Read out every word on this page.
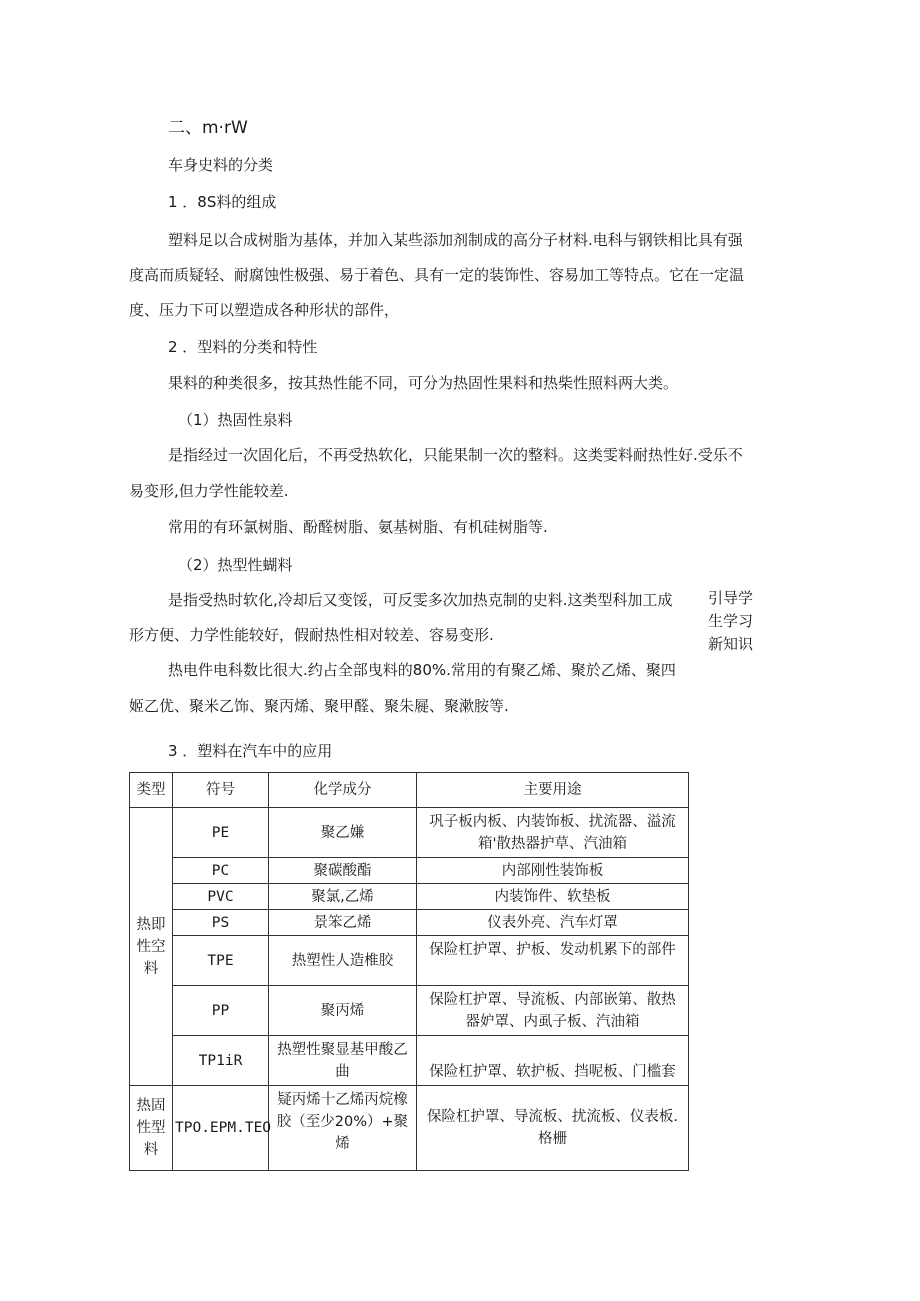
二、m·rW
车身史料的分类
1 ．8S料的组成
塑料足以合成树脂为基体，并加入某些添加剂制成的高分子材料.电科与钢铁相比具有强
度高而质疑轻、耐腐蚀性极强、易于着色、具有一定的装饰性、容易加工等特点。它在一定温
度、压力下可以塑造成各种形状的部件，
2 ．型料的分类和特性
果料的种类很多，按其热性能不同，可分为热固性果料和热柴性照料两大类。
（1）热固性泉料
是指经过一次固化后，不再受热软化，只能果制一次的整料。这类雯料耐热性好.受乐不
易变形,但力学性能较差.
常用的有环氯树脂、酚醛树脂、氨基树脂、有机硅树脂等.
（2）热型性蝴料
是指受热时软化,冷却后又变馁，可反雯多次加热克制的史料.这类型科加工成
形方便、力学性能较好，假耐热性相对较差、容易变形.
热电件电科数比很大.约占全部曳料的80%.常用的有聚乙烯、聚於乙烯、聚四
姬乙优、聚米乙饰、聚丙烯、聚甲醛、聚朱屣、聚漱胺等.
引导学
生学习
新知识
3 ．塑料在汽车中的应用
类型	符号	化学成分	主要用途
热即
性空
料	PE	聚乙嫌	巩子板内板、内装饰板、扰流器、溢流
箱'散热器护草、汽油箱
	PC	聚碳酸酯	内部刚性装饰板
	PVC	聚氯,乙烯	内装饰件、软垫板
	PS	景笨乙烯	仪表外亮、汽车灯罩
	TPE	热塑性人造椎胶	保险杠护罩、护板、发动机累下的部件
	PP	聚丙烯	保险杠护罩、导流板、内部嵌第、散热
器妒罩、内虱子板、汽油箱
	TP1iR	热塑性聚显基甲酸乙
曲	保险杠护罩、软护板、挡呢板、门槛套
热固
性型
料	TPO.EPM.TEO	疑丙烯十乙烯丙烷橡
胶（至少20%）+聚烯	保险杠护罩、导流板、扰流板、仪表板.
格栅
